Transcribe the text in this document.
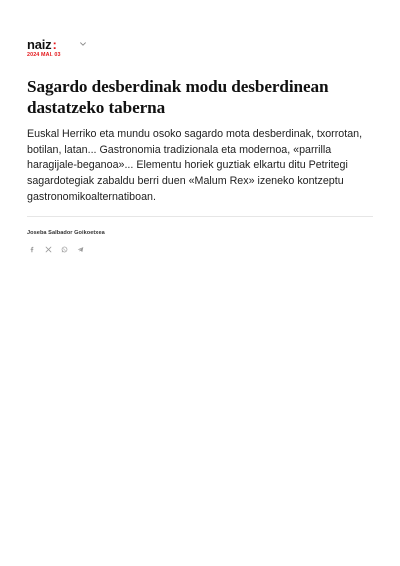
naiz :
2024 MAI. 03
Sagardo desberdinak modu desberdinean dastatzeko taberna

Euskal Herriko eta mundu osoko sagardo mota desberdinak, txorrotan, botilan, latan... Gastronomia tradizionala eta modernoa, «parrilla haragijale-beganoa»... Elementu horiek guztiak elkartu ditu Petritegi sagardotegiak zabaldu berri duen «Malum Rex» izeneko kontzeptu gastronomikoalternatiboan.

Joseba Salbador Goikoetxea
